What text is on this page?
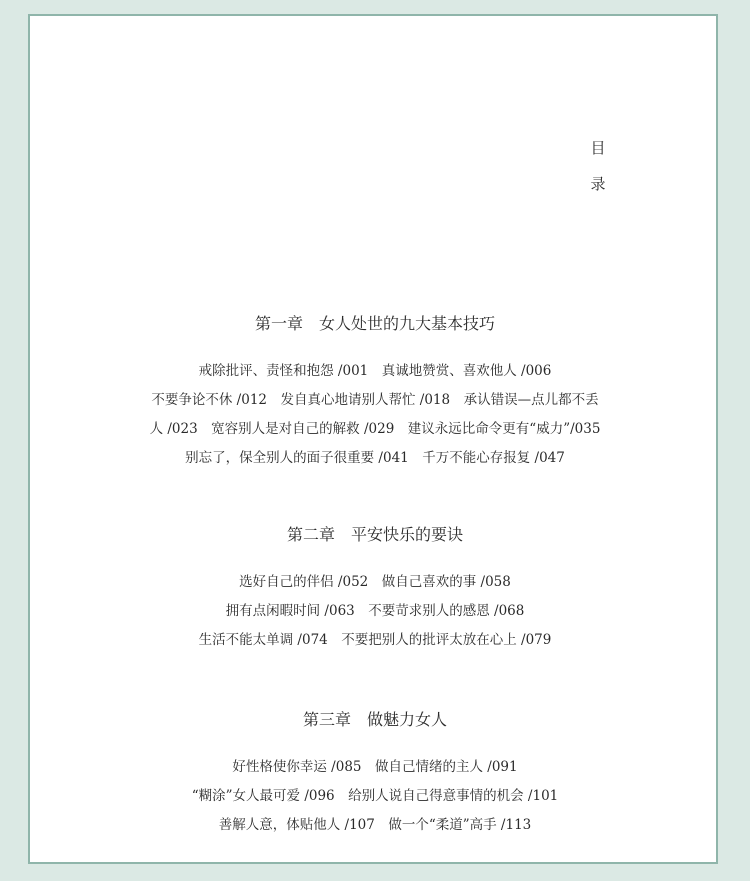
目
录
第一章　女人处世的九大基本技巧
戒除批评、责怪和抱怨 /001　真诚地赞赏、喜欢他人 /006
不要争论不休 /012　发自真心地请别人帮忙 /018　承认错误—点儿都不丢
人 /023　宽容别人是对自己的解救 /029　建议永远比命令更有“威力”/035
别忘了，保全别人的面子很重要 /041　千万不能心存报复 /047
第二章　平安快乐的要诀
选好自己的伴侣 /052　做自己喜欢的事 /058
拥有点闲暇时间 /063　不要苛求别人的感恩 /068
生活不能太单调 /074　不要把别人的批评太放在心上 /079
第三章　做魅力女人
好性格使你幸运 /085　做自己情绪的主人 /091
“糊涂”女人最可爱 /096　给别人说自己得意事情的机会 /101
善解人意，体贴他人 /107　做一个“柔道”高手 /113
